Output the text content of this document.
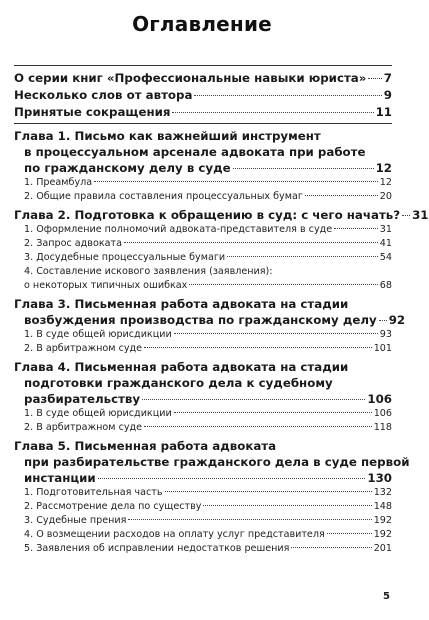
Оглавление
О серии книг «Профессиональные навыки юриста» 7
Несколько слов от автора	9
Принятые сокращения	11
Глава 1. Письмо как важнейший инструмент
в процессуальном арсенале адвоката при работе
по гражданскому делу в суде	12
1. Преамбула	12
2. Общие правила составления процессуальных бумаг	20
Глава 2. Подготовка к обращению в суд: с чего начать? 31
1. Оформление полномочий адвоката-представителя в суде	31
2. Запрос адвоката	41
3. Досудебные процессуальные бумаги	54
4. Составление искового заявления (заявления):
о некоторых типичных ошибках	68
Глава 3. Письменная работа адвоката на стадии
возбуждения производства по гражданскому делу 92
1. В суде общей юрисдикции	93
2. В арбитражном суде	101
Глава 4. Письменная работа адвоката на стадии
подготовки гражданского дела к судебному
разбирательству	106
1. В суде общей юрисдикции	106
2. В арбитражном суде	118
Глава 5. Письменная работа адвоката
при разбирательстве гражданского дела в суде первой
инстанции	130
1. Подготовительная часть	132
2. Рассмотрение дела по существу	148
3. Судебные прения	192
4. О возмещении расходов на оплату услуг представителя	192
5. Заявления об исправлении недостатков решения	201
5
